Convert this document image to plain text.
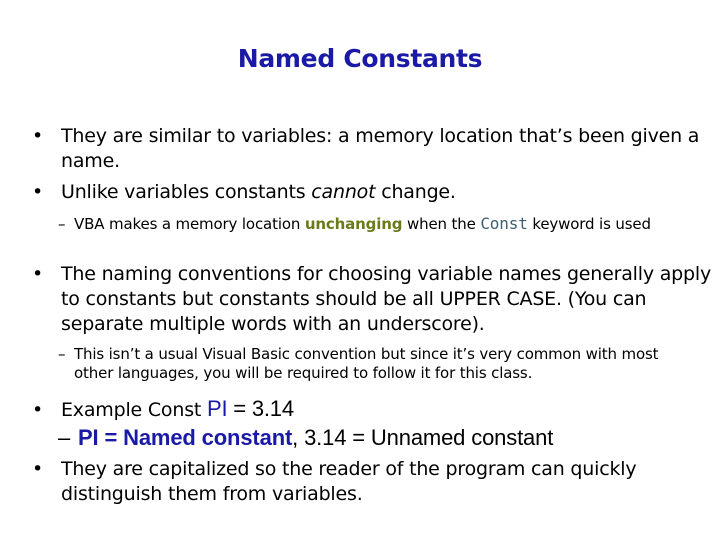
Named Constants
• They are similar to variables: a memory location that’s been given a name.
• Unlike variables constants cannot change.
– VBA makes a memory location unchanging when the Const keyword is used
• The naming conventions for choosing variable names generally apply to constants but constants should be all UPPER CASE. (You can separate multiple words with an underscore).
– This isn’t a usual Visual Basic convention but since it’s very common with most other languages, you will be required to follow it for this class.
• Example Const PI = 3.14
– PI = Named constant, 3.14 = Unnamed constant
• They are capitalized so the reader of the program can quickly distinguish them from variables.
